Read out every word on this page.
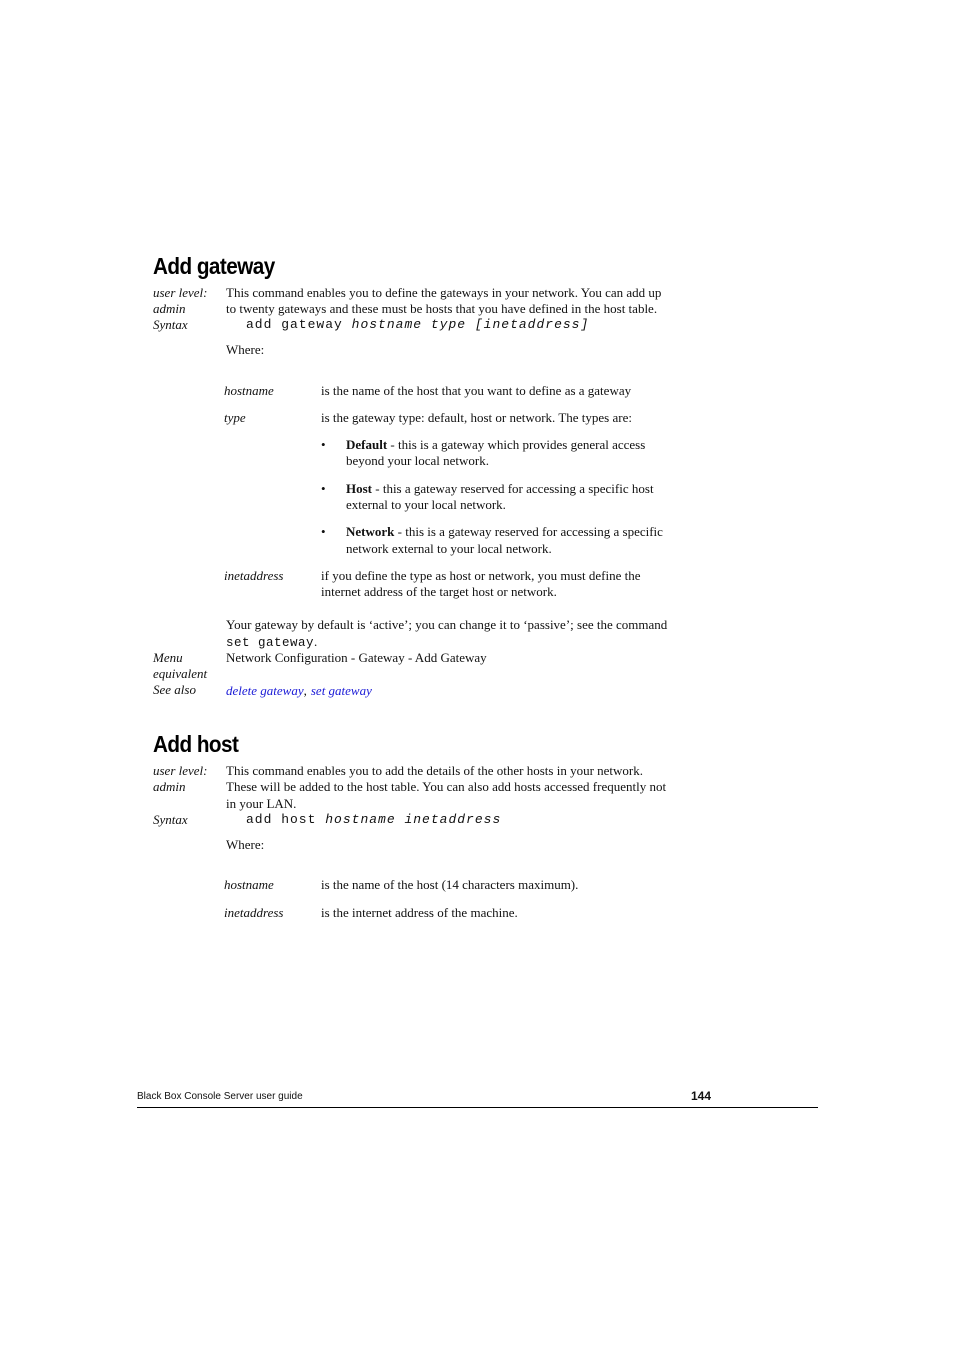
Add gateway
user level:
admin
Syntax
This command enables you to define the gateways in your network. You can add up
to twenty gateways and these must be hosts that you have defined in the host table.
add gateway hostname type [inetaddress]
Where:
hostname	is the name of the host that you want to define as a gateway
type	is the gateway type: default, host or network. The types are:
• Default - this is a gateway which provides general access
beyond your local network.
• Host - this a gateway reserved for accessing a specific host
external to your local network.
• Network - this is a gateway reserved for accessing a specific
network external to your local network.
inetaddress	if you define the type as host or network, you must define the
internet address of the target host or network.
Your gateway by default is ‘active’; you can change it to ‘passive’; see the command
set gateway.
Menu
equivalent
Network Configuration - Gateway - Add Gateway
See also delete gateway, set gateway
Add host
user level:
admin
Syntax
This command enables you to add the details of the other hosts in your network.
These will be added to the host table. You can also add hosts accessed frequently not
in your LAN.
add host hostname inetaddress
Where:
hostname	is the name of the host (14 characters maximum).
inetaddress	is the internet address of the machine.
Black Box Console Server user guide	144
